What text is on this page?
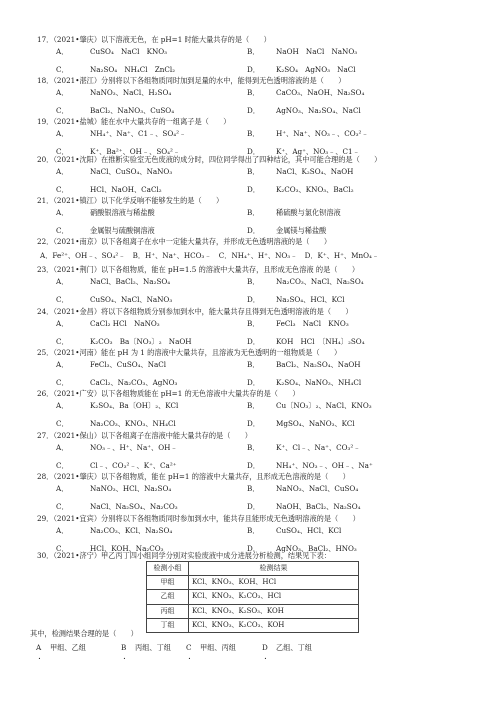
17．（2021•肇庆）以下溶液无色，在 pH=1 时能大量共存的是（　　）
A．	CuSO₄　NaCl　KNO₃	B． NaOH　NaCl　NaNO₃
C．	Na₂SO₄　NH₄Cl　ZnCl₂	D． K₂SO₄　AgNO₃　NaCl
18．（2021•湛江）分别将以下各组物质同时加到足量的水中，能得到无色透明溶液的是（　　）
A．	NaNO₃、NaCl、H₂SO₄	B． CaCO₃、NaOH、Na₂SO₄
C．	BaCl₂、NaNO₃、CuSO₄	D． AgNO₃、Na₂SO₄、NaCl
19．（2021•盐城）能在水中大量共存的一组离子是（　　）
A．	NH₄⁺、Na⁺、C1﹣、SO₄²﹣	B． H⁺、Na⁺、NO₃﹣、CO₃²﹣
C．	K⁺、Ba²⁺、OH﹣、SO₄²﹣	D． K⁺、Ag⁺、NO₃﹣、C1﹣
20．（2021•沈阳）在推断实验室无色废液的成分时，四位同学得出了四种结论，其中可能合理的是（　　）
A．	NaCl、CuSO₄、NaNO₃	B． NaCl、K₂SO₄、NaOH
C．	HCl、NaOH、CaCl₂	D． K₂CO₃、KNO₃、BaCl₂
21．（2021•镇江）以下化学反响不能够发生的是（　　）
A．	硝酸银溶液与稀盐酸	B． 稀硫酸与氯化钡溶液
C．	金属银与硫酸铜溶液	D． 金属镁与稀盐酸
22．（2021•南京）以下各组离子在水中一定能大量共存，并形成无色透明溶液的是（　　）
A．Fe²⁺、OH﹣、SO₄²﹣　B．H⁺、Na⁺、HCO₃﹣　C．NH₄⁺、H⁺、NO₃﹣　D．K⁺、H⁺、MnO₄﹣
23．（2021•荆门）以下各组物质，能在 pH=1.5 的溶液中大量共存，且形成无色溶液 的是（　　）
A．	NaCl、BaCl₂、Na₂SO₄	B． Na₂CO₃、NaCl、Na₂SO₄
C．	CuSO₄、NaCl、NaNO₃	D． Na₂SO₄、HCl、KCl
24．（2021•金昌）将以下各组物质分别参加到水中，能大量共存且得到无色透明溶液的是（　　）
A．	CaCl₂ HCl　NaNO₃	B． FeCl₃　NaCl　KNO₃
C．	K₂CO₃　Ba〔NO₃〕₂　NaOH	D． KOH　HCl　〔NH₄〕₂SO₄
25．（2021•河南）能在 pH 为 1 的溶液中大量共存，且溶液为无色透明的一组物质是（　　）
A．	FeCl₃、CuSO₄、NaCl	B． BaCl₂、Na₂SO₄、NaOH
C．	CaCl₂、Na₂CO₃、AgNO₃	D． K₂SO₄、NaNO₃、NH₄Cl
26．（2021•广安）以下各组物质能在 pH=1 的无色溶液中大量共存的是（　　）
A．	K₂SO₄、Ba〔OH〕₂、KCl	B． Cu〔NO₃〕₂、NaCl、KNO₃
C．	Na₂CO₃、KNO₃、NH₄Cl	D． MgSO₄、NaNO₃、KCl
27．（2021•保山）以下各组离子在溶液中能大量共存的是（　　）
A．	NO₃﹣、H⁺、Na⁺、OH﹣	B． K⁺、Cl﹣、Na⁺、CO₃²﹣
C．	Cl﹣、CO₃²﹣、K⁺、Ca²⁺	D． NH₄⁺、NO₃﹣、OH﹣、Na⁺
28．（2021•肇庆）以下各组物质，能在 pH=1 的溶液中大量共存，且形成无色溶液的是（　　）
A．	NaNO₃、HCl、Na₂SO₄	B． NaNO₃、NaCl、CuSO₄
C．	NaCl、Na₂SO₄、Na₂CO₃	D． NaOH、BaCl₂、Na₂SO₄
29．（2021•宜宾）分别将以下各组物质同时参加到水中，能共存且能形成无色透明溶液的是（　　）
A．	Na₂CO₃、KCl、Na₂SO₄	B． CuSO₄、HCl、KCl
C．	HCl、KOH、Na₂CO₃	D． AgNO₃、BaCl₂、HNO₃
30．（2021•济宁）甲乙丙丁四小组同学分别对实验废液中成分进展分析检测，结果见下表：
检测小组	检测结果
甲组	KCl、KNO₃、KOH、HCl
乙组	KCl、KNO₃、K₂CO₃、HCl
丙组	KCl、KNO₃、K₂SO₃、KOH
丁组	KCl、KNO₃、K₂CO₃、KOH
其中，检测结果合理的是（　　）
A 甲组、乙组	B 丙组、丁组 C 甲组、丙组	D 乙组、丁组
.	.	.	.
